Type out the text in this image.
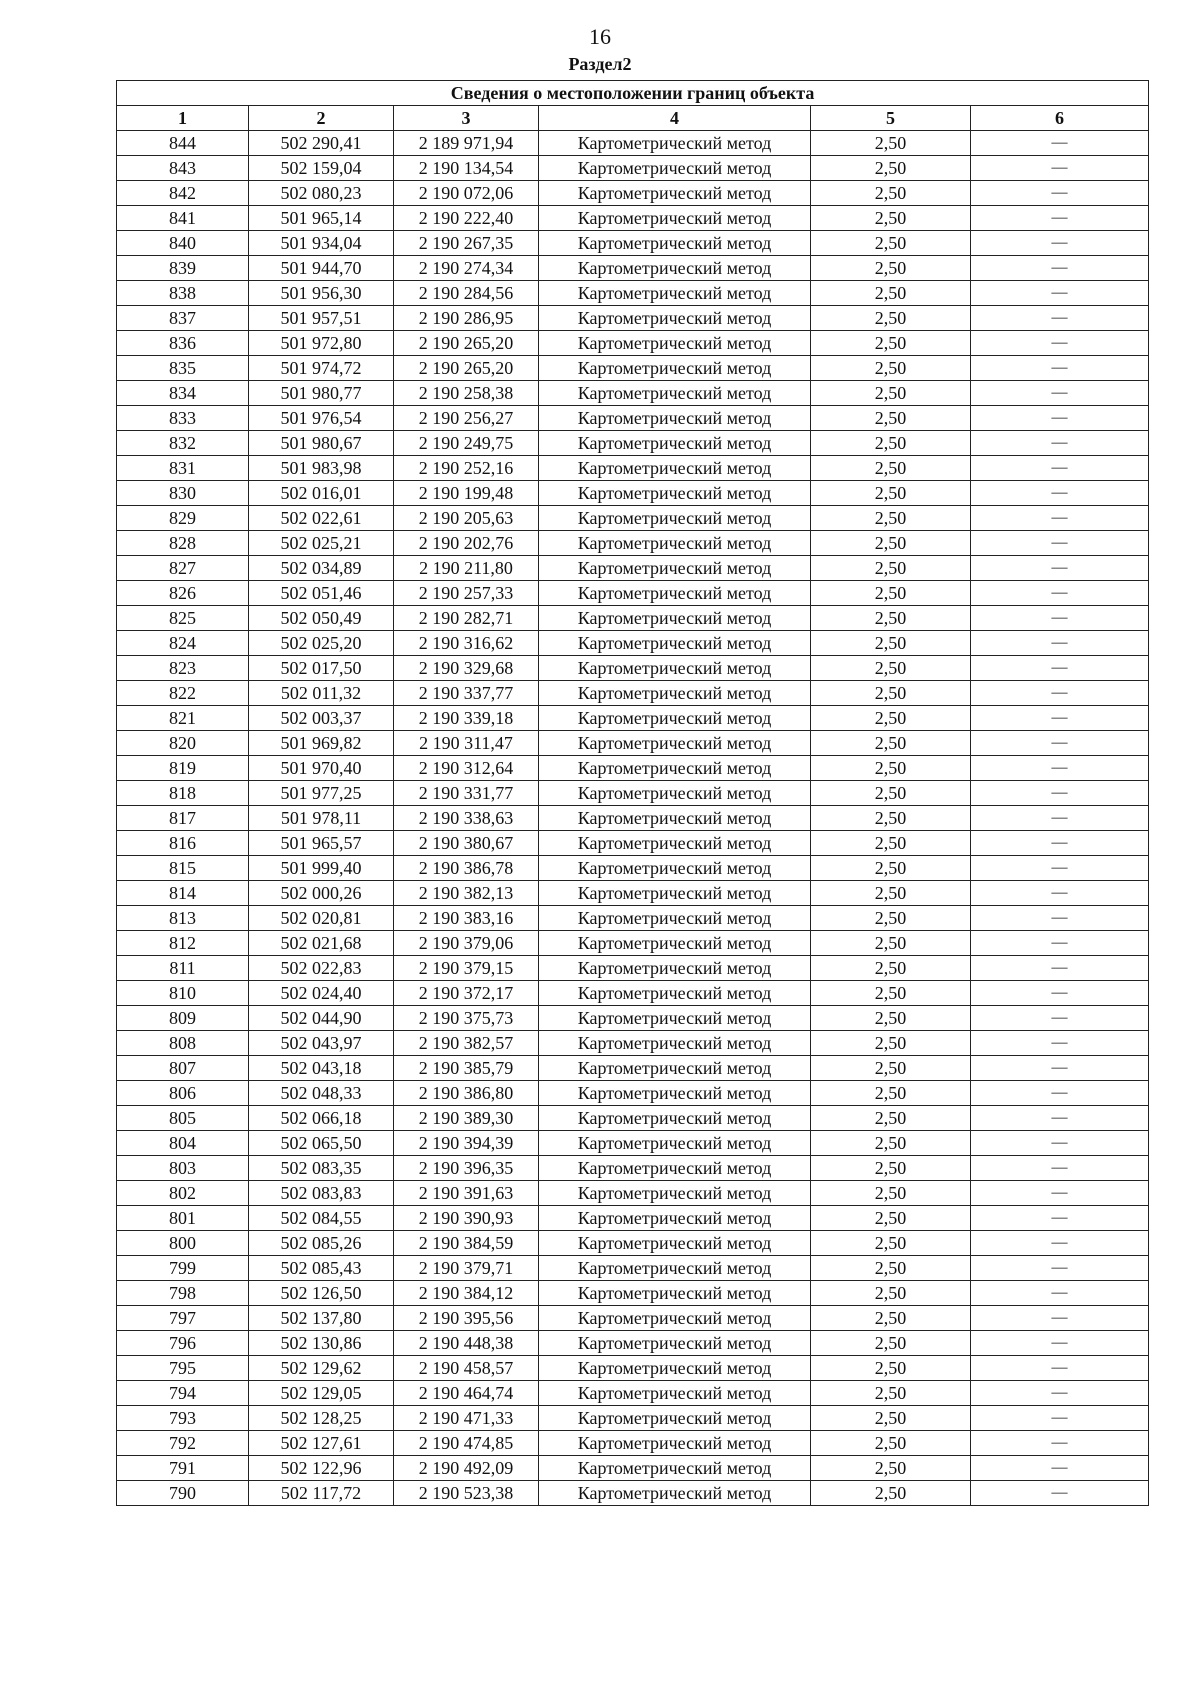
16
Раздел2
Сведения о местоположении границ объекта					
1	2	3	4	5	6
844	502 290,41	2 189 971,94	Картометрический метод	2,50	—
843	502 159,04	2 190 134,54	Картометрический метод	2,50	—
842	502 080,23	2 190 072,06	Картометрический метод	2,50	—
841	501 965,14	2 190 222,40	Картометрический метод	2,50	—
840	501 934,04	2 190 267,35	Картометрический метод	2,50	—
839	501 944,70	2 190 274,34	Картометрический метод	2,50	—
838	501 956,30	2 190 284,56	Картометрический метод	2,50	—
837	501 957,51	2 190 286,95	Картометрический метод	2,50	—
836	501 972,80	2 190 265,20	Картометрический метод	2,50	—
835	501 974,72	2 190 265,20	Картометрический метод	2,50	—
834	501 980,77	2 190 258,38	Картометрический метод	2,50	—
833	501 976,54	2 190 256,27	Картометрический метод	2,50	—
832	501 980,67	2 190 249,75	Картометрический метод	2,50	—
831	501 983,98	2 190 252,16	Картометрический метод	2,50	—
830	502 016,01	2 190 199,48	Картометрический метод	2,50	—
829	502 022,61	2 190 205,63	Картометрический метод	2,50	—
828	502 025,21	2 190 202,76	Картометрический метод	2,50	—
827	502 034,89	2 190 211,80	Картометрический метод	2,50	—
826	502 051,46	2 190 257,33	Картометрический метод	2,50	—
825	502 050,49	2 190 282,71	Картометрический метод	2,50	—
824	502 025,20	2 190 316,62	Картометрический метод	2,50	—
823	502 017,50	2 190 329,68	Картометрический метод	2,50	—
822	502 011,32	2 190 337,77	Картометрический метод	2,50	—
821	502 003,37	2 190 339,18	Картометрический метод	2,50	—
820	501 969,82	2 190 311,47	Картометрический метод	2,50	—
819	501 970,40	2 190 312,64	Картометрический метод	2,50	—
818	501 977,25	2 190 331,77	Картометрический метод	2,50	—
817	501 978,11	2 190 338,63	Картометрический метод	2,50	—
816	501 965,57	2 190 380,67	Картометрический метод	2,50	—
815	501 999,40	2 190 386,78	Картометрический метод	2,50	—
814	502 000,26	2 190 382,13	Картометрический метод	2,50	—
813	502 020,81	2 190 383,16	Картометрический метод	2,50	—
812	502 021,68	2 190 379,06	Картометрический метод	2,50	—
811	502 022,83	2 190 379,15	Картометрический метод	2,50	—
810	502 024,40	2 190 372,17	Картометрический метод	2,50	—
809	502 044,90	2 190 375,73	Картометрический метод	2,50	—
808	502 043,97	2 190 382,57	Картометрический метод	2,50	—
807	502 043,18	2 190 385,79	Картометрический метод	2,50	—
806	502 048,33	2 190 386,80	Картометрический метод	2,50	—
805	502 066,18	2 190 389,30	Картометрический метод	2,50	—
804	502 065,50	2 190 394,39	Картометрический метод	2,50	—
803	502 083,35	2 190 396,35	Картометрический метод	2,50	—
802	502 083,83	2 190 391,63	Картометрический метод	2,50	—
801	502 084,55	2 190 390,93	Картометрический метод	2,50	—
800	502 085,26	2 190 384,59	Картометрический метод	2,50	—
799	502 085,43	2 190 379,71	Картометрический метод	2,50	—
798	502 126,50	2 190 384,12	Картометрический метод	2,50	—
797	502 137,80	2 190 395,56	Картометрический метод	2,50	—
796	502 130,86	2 190 448,38	Картометрический метод	2,50	—
795	502 129,62	2 190 458,57	Картометрический метод	2,50	—
794	502 129,05	2 190 464,74	Картометрический метод	2,50	—
793	502 128,25	2 190 471,33	Картометрический метод	2,50	—
792	502 127,61	2 190 474,85	Картометрический метод	2,50	—
791	502 122,96	2 190 492,09	Картометрический метод	2,50	—
790	502 117,72	2 190 523,38	Картометрический метод	2,50	—
